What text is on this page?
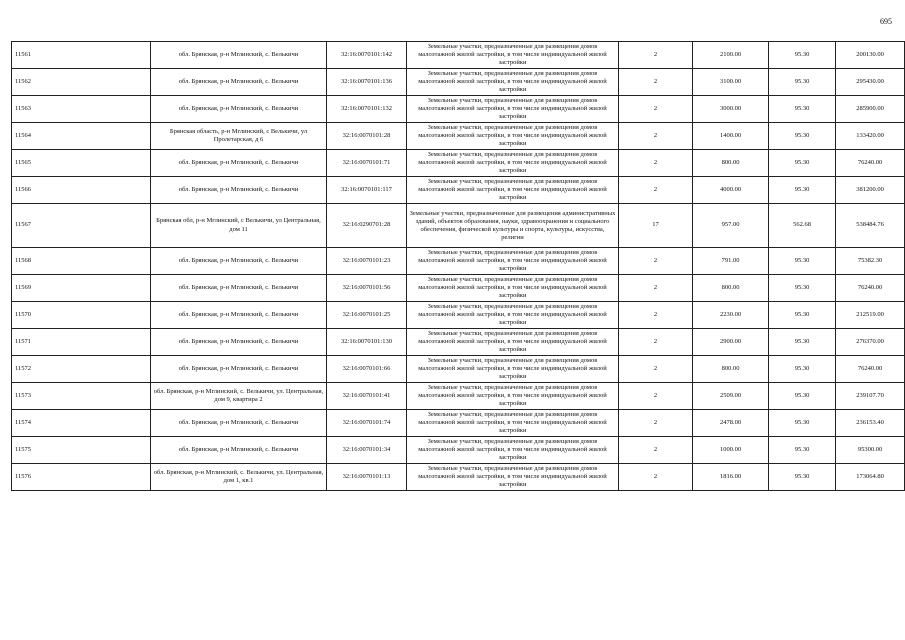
695
11561	обл. Брянская, р-н Мглинский, с. Велькичи	32:16:0070101:142	Земельные участки, предназначенные для размещения домов малоэтажной жилой застройки, в том числе индивидуальной жилой застройки	2	2100.00	95.30	200130.00
11562	обл. Брянская, р-н Мглинский, с. Велькичи	32:16:0070101:136	Земельные участки, предназначенные для размещения домов малоэтажной жилой застройки, в том числе индивидуальной жилой застройки	2	3100.00	95.30	295430.00
11563	обл. Брянская, р-н Мглинский, с. Велькичи	32:16:0070101:132	Земельные участки, предназначенные для размещения домов малоэтажной жилой застройки, в том числе индивидуальной жилой застройки	2	3000.00	95.30	285900.00
11564	Брянская область, р-н Мглинский, с Велькичи, ул Пролетарская, д 6	32:16:0070101:28	Земельные участки, предназначенные для размещения домов малоэтажной жилой застройки, в том числе индивидуальной жилой застройки	2	1400.00	95.30	133420.00
11565	обл. Брянская, р-н Мглинский, с. Велькичи	32:16:0070101:71	Земельные участки, предназначенные для размещения домов малоэтажной жилой застройки, в том числе индивидуальной жилой застройки	2	800.00	95.30	76240.00
11566	обл. Брянская, р-н Мглинский, с. Велькичи	32:16:0070101:117	Земельные участки, предназначенные для размещения домов малоэтажной жилой застройки, в том числе индивидуальной жилой застройки	2	4000.00	95.30	381200.00
11567	Брянская обл, р-н Мглинский, с Велькичи, ул Центральная, дом 11	32:16:0290701:28	Земельные участки, предназначенные для размещения административных зданий, объектов образования, науки, здравоохранения и социального обеспечения, физической культуры и спорта, культуры, искусства, религии	17	957.00	562.68	538484.76
11568	обл. Брянская, р-н Мглинский, с. Велькичи	32:16:0070101:23	Земельные участки, предназначенные для размещения домов малоэтажной жилой застройки, в том числе индивидуальной жилой застройки	2	791.00	95.30	75382.30
11569	обл. Брянская, р-н Мглинский, с. Велькичи	32:16:0070101:56	Земельные участки, предназначенные для размещения домов малоэтажной жилой застройки, в том числе индивидуальной жилой застройки	2	800.00	95.30	76240.00
11570	обл. Брянская, р-н Мглинский, с. Велькичи	32:16:0070101:25	Земельные участки, предназначенные для размещения домов малоэтажной жилой застройки, в том числе индивидуальной жилой застройки	2	2230.00	95.30	212519.00
11571	обл. Брянская, р-н Мглинский, с. Велькичи	32:16:0070101:130	Земельные участки, предназначенные для размещения домов малоэтажной жилой застройки, в том числе индивидуальной жилой застройки	2	2900.00	95.30	276370.00
11572	обл. Брянская, р-н Мглинский, с. Велькичи	32:16:0070101:66	Земельные участки, предназначенные для размещения домов малоэтажной жилой застройки, в том числе индивидуальной жилой застройки	2	800.00	95.30	76240.00
11573	обл. Брянская, р-н Мглинский, с. Велькичи, ул. Центральная, дом 9, квартира 2	32:16:0070101:41	Земельные участки, предназначенные для размещения домов малоэтажной жилой застройки, в том числе индивидуальной жилой застройки	2	2509.00	95.30	239107.70
11574	обл. Брянская, р-н Мглинский, с. Велькичи	32:16:0070101:74	Земельные участки, предназначенные для размещения домов малоэтажной жилой застройки, в том числе индивидуальной жилой застройки	2	2478.00	95.30	236153.40
11575	обл. Брянская, р-н Мглинский, с. Велькичи	32:16:0070101:34	Земельные участки, предназначенные для размещения домов малоэтажной жилой застройки, в том числе индивидуальной жилой застройки	2	1000.00	95.30	95300.00
11576	обл. Брянская, р-н Мглинский, с. Велькичи, ул. Центральная, дом 1, кв.1	32:16:0070101:13	Земельные участки, предназначенные для размещения домов малоэтажной жилой застройки, в том числе индивидуальной жилой застройки	2	1816.00	95.30	173064.80
